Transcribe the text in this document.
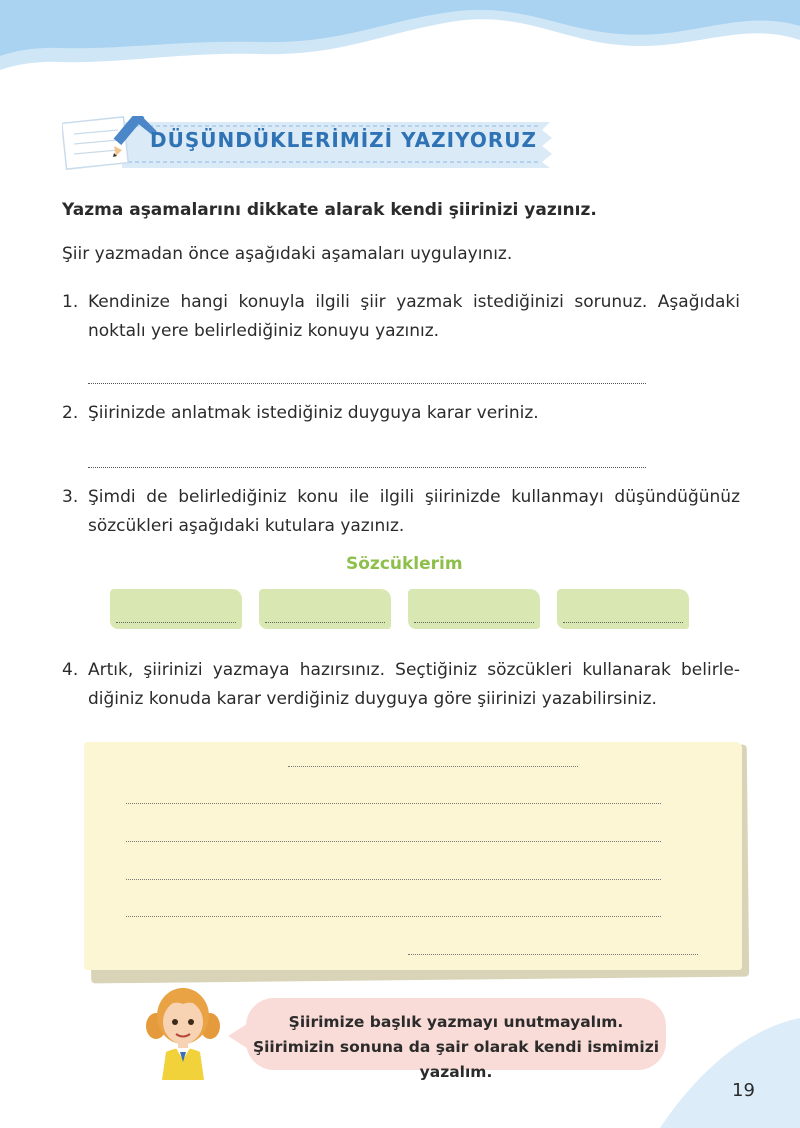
DÜŞÜNDÜKLERİMİZİ YAZIYORUZ
Yazma aşamalarını dikkate alarak kendi şiirinizi yazınız.
Şiir yazmadan önce aşağıdaki aşamaları uygulayınız.
1. Kendinize hangi konuyla ilgili şiir yazmak istediğinizi sorunuz. Aşağıdaki noktalı yere belirlediğiniz konuyu yazınız.
2. Şiirinizde anlatmak istediğiniz duyguya karar veriniz.
3. Şimdi de belirlediğiniz konu ile ilgili şiirinizde kullanmayı düşündüğünüz sözcükleri aşağıdaki kutulara yazınız.
Sözcüklerim
4. Artık, şiirinizi yazmaya hazırsınız. Seçtiğiniz sözcükleri kullanarak belirle- diğiniz konuda karar verdiğiniz duyguya göre şiirinizi yazabilirsiniz.
Şiirimize başlık yazmayı unutmayalım. Şiirimizin sonuna da şair olarak kendi ismimizi yazalım.
19
